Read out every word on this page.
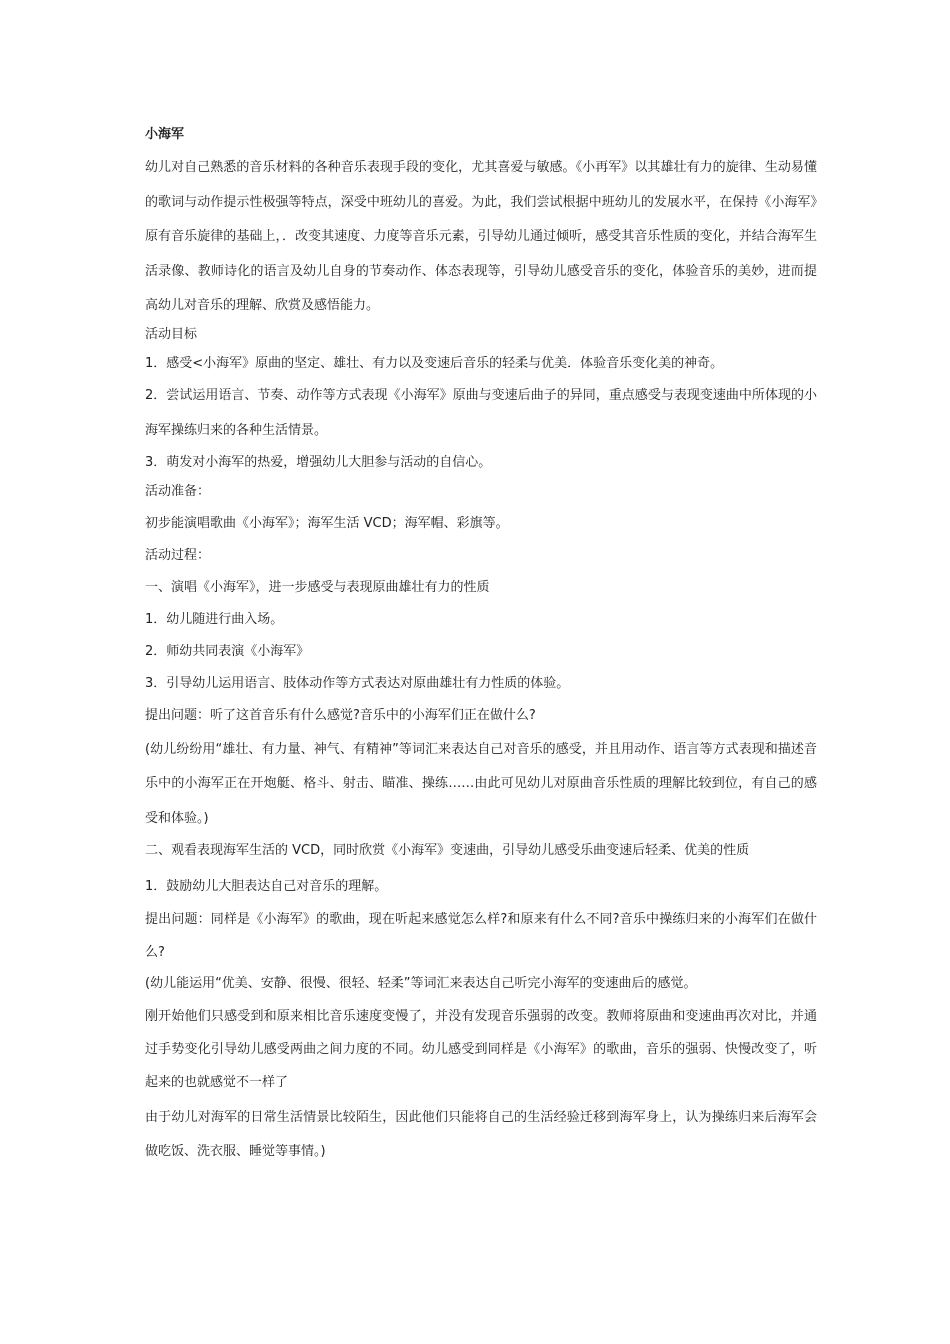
小海军

幼儿对自己熟悉的音乐材料的各种音乐表现手段的变化，尤其喜爱与敏感。《小再军》以其雄壮有力的旋律、生动易懂的歌词与动作提示性极强等特点，深受中班幼儿的喜爱。为此，我们尝试根据中班幼儿的发展水平，在保持《小海军》原有音乐旋律的基础上，．改变其速度、力度等音乐元素，引导幼儿通过倾听，感受其音乐性质的变化，并结合海军生活录像、教师诗化的语言及幼儿自身的节奏动作、体态表现等，引导幼儿感受音乐的变化，体验音乐的美妙，进而提高幼儿对音乐的理解、欣赏及感悟能力。

活动目标

1．感受<小海军》原曲的坚定、雄壮、有力以及变速后音乐的轻柔与优美．体验音乐变化美的神奇。

2．尝试运用语言、节奏、动作等方式表现《小海军》原曲与变速后曲子的异同，重点感受与表现变速曲中所体现的小海军操练归来的各种生活情景。

3．萌发对小海军的热爱，增强幼儿大胆参与活动的自信心。

活动准备：

初步能演唱歌曲《小海军》；海军生活 VCD；海军帽、彩旗等。

活动过程：

一、演唱《小海军》，进一步感受与表现原曲雄壮有力的性质

1．幼儿随进行曲入场。

2．师幼共同表演《小海军》

3．引导幼儿运用语言、肢体动作等方式表达对原曲雄壮有力性质的体验。

提出问题：听了这首音乐有什么感觉?音乐中的小海军们正在做什么?

(幼儿纷纷用“雄壮、有力量、神气、有精神”等词汇来表达自己对音乐的感受，并且用动作、语言等方式表现和描述音乐中的小海军正在开炮艇、格斗、射击、瞄准、操练……由此可见幼儿对原曲音乐性质的理解比较到位，有自己的感受和体验。)

二、观看表现海军生活的 VCD，同时欣赏《小海军》变速曲，引导幼儿感受乐曲变速后轻柔、优美的性质

1．鼓励幼儿大胆表达自己对音乐的理解。

提出问题：同样是《小海军》的歌曲，现在听起来感觉怎么样?和原来有什么不同?音乐中操练归来的小海军们在做什么?

(幼儿能运用“优美、安静、很慢、很轻、轻柔”等词汇来表达自己听完小海军的变速曲后的感觉。

刚开始他们只感受到和原来相比音乐速度变慢了，并没有发现音乐强弱的改变。教师将原曲和变速曲再次对比，并通过手势变化引导幼儿感受两曲之间力度的不同。幼儿感受到同样是《小海军》的歌曲，音乐的强弱、快慢改变了，听起来的也就感觉不一样了

由于幼儿对海军的日常生活情景比较陌生，因此他们只能将自己的生活经验迁移到海军身上，认为操练归来后海军会做吃饭、洗衣服、睡觉等事情。)
